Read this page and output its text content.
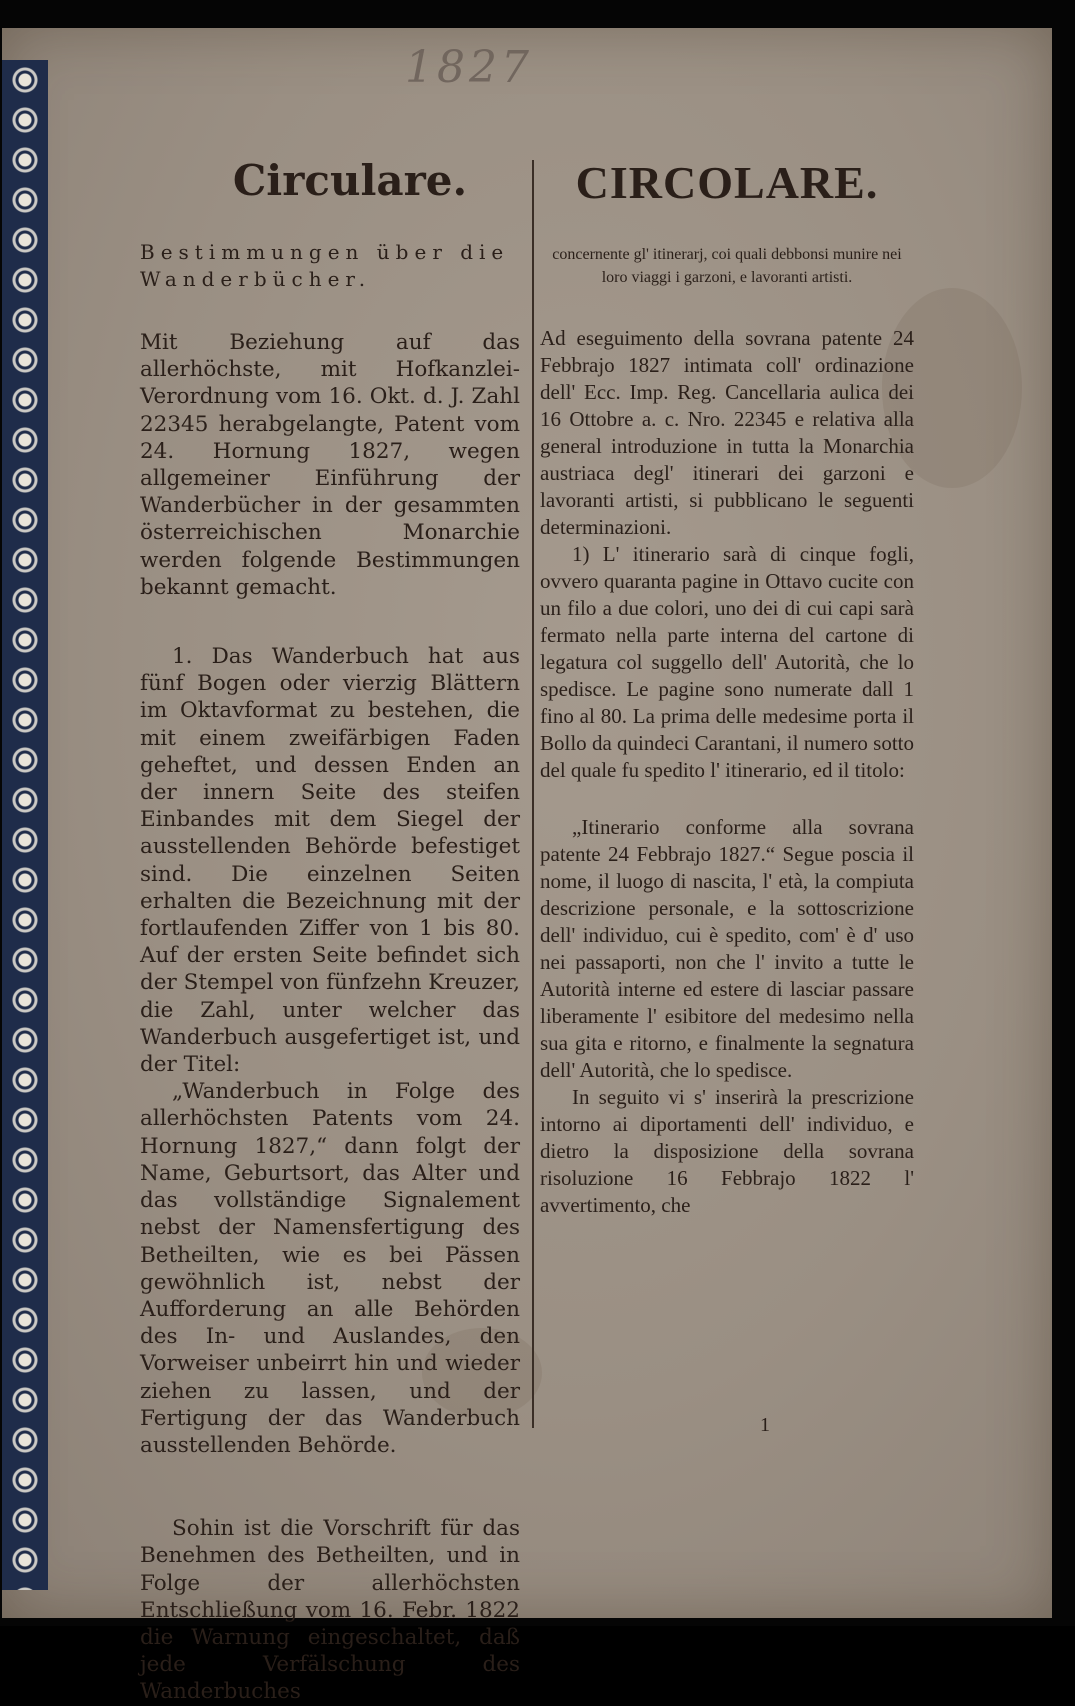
1827
Circulare.

Bestimmungen über die Wanderbücher.

Mit Beziehung auf das allerhöchste, mit Hofkanzlei-Verordnung vom 16. Okt. d. J. Zahl 22345 herabgelangte, Patent vom 24. Hornung 1827, wegen allgemeiner Einführung der Wanderbücher in der gesammten österreichischen Monarchie werden folgende Bestimmungen bekannt gemacht.

1. Das Wanderbuch hat aus fünf Bogen oder vierzig Blättern im Oktavformat zu bestehen, die mit einem zweifärbigen Faden geheftet, und dessen Enden an der innern Seite des steifen Einbandes mit dem Siegel der ausstellenden Behörde befestiget sind. Die einzelnen Seiten erhalten die Bezeichnung mit der fortlaufenden Ziffer von 1 bis 80. Auf der ersten Seite befindet sich der Stempel von fünfzehn Kreuzer, die Zahl, unter welcher das Wanderbuch ausgefertiget ist, und der Titel:

„Wanderbuch in Folge des allerhöchsten Patents vom 24. Hornung 1827,“ dann folgt der Name, Geburtsort, das Alter und das vollständige Signalement nebst der Namensfertigung des Betheilten, wie es bei Pässen gewöhnlich ist, nebst der Aufforderung an alle Behörden des In- und Auslandes, den Vorweiser unbeirrt hin und wieder ziehen zu lassen, und der Fertigung der das Wanderbuch ausstellenden Behörde.

Sohin ist die Vorschrift für das Benehmen des Betheilten, und in Folge der allerhöchsten Entschließung vom 16. Febr. 1822 die Warnung eingeschaltet, daß jede Verfälschung des Wanderbuches

CIRCOLARE.

concernente gl' itinerarj, coi quali debbonsi munire nei loro viaggi i garzoni, e lavoranti artisti.

Ad eseguimento della sovrana patente 24 Febbrajo 1827 intimata coll' ordinazione dell' Ecc. Imp. Reg. Cancellaria aulica dei 16 Ottobre a. c. Nro. 22345 e relativa alla general introduzione in tutta la Monarchia austriaca degl' itinerari dei garzoni e lavoranti artisti, si pubblicano le seguenti determinazioni.

1) L' itinerario sarà di cinque fogli, ovvero quaranta pagine in Ottavo cucite con un filo a due colori, uno dei di cui capi sarà fermato nella parte interna del cartone di legatura col suggello dell' Autorità, che lo spedisce. Le pagine sono numerate dall 1 fino al 80. La prima delle medesime porta il Bollo da quindeci Carantani, il numero sotto del quale fu spedito l' itinerario, ed il titolo:

„Itinerario conforme alla sovrana patente 24 Febbrajo 1827.“ Segue poscia il nome, il luogo di nascita, l' età, la compiuta descrizione personale, e la sottoscrizione dell' individuo, cui è spedito, com' è d' uso nei passaporti, non che l' invito a tutte le Autorità interne ed estere di lasciar passare liberamente l' esibitore del medesimo nella sua gita e ritorno, e finalmente la segnatura dell' Autorità, che lo spedisce.

In seguito vi s' inserirà la prescrizione intorno ai diportamenti dell' individuo, e dietro la disposizione della sovrana risoluzione 16 Febbrajo 1822 l' avvertimento, che

1
